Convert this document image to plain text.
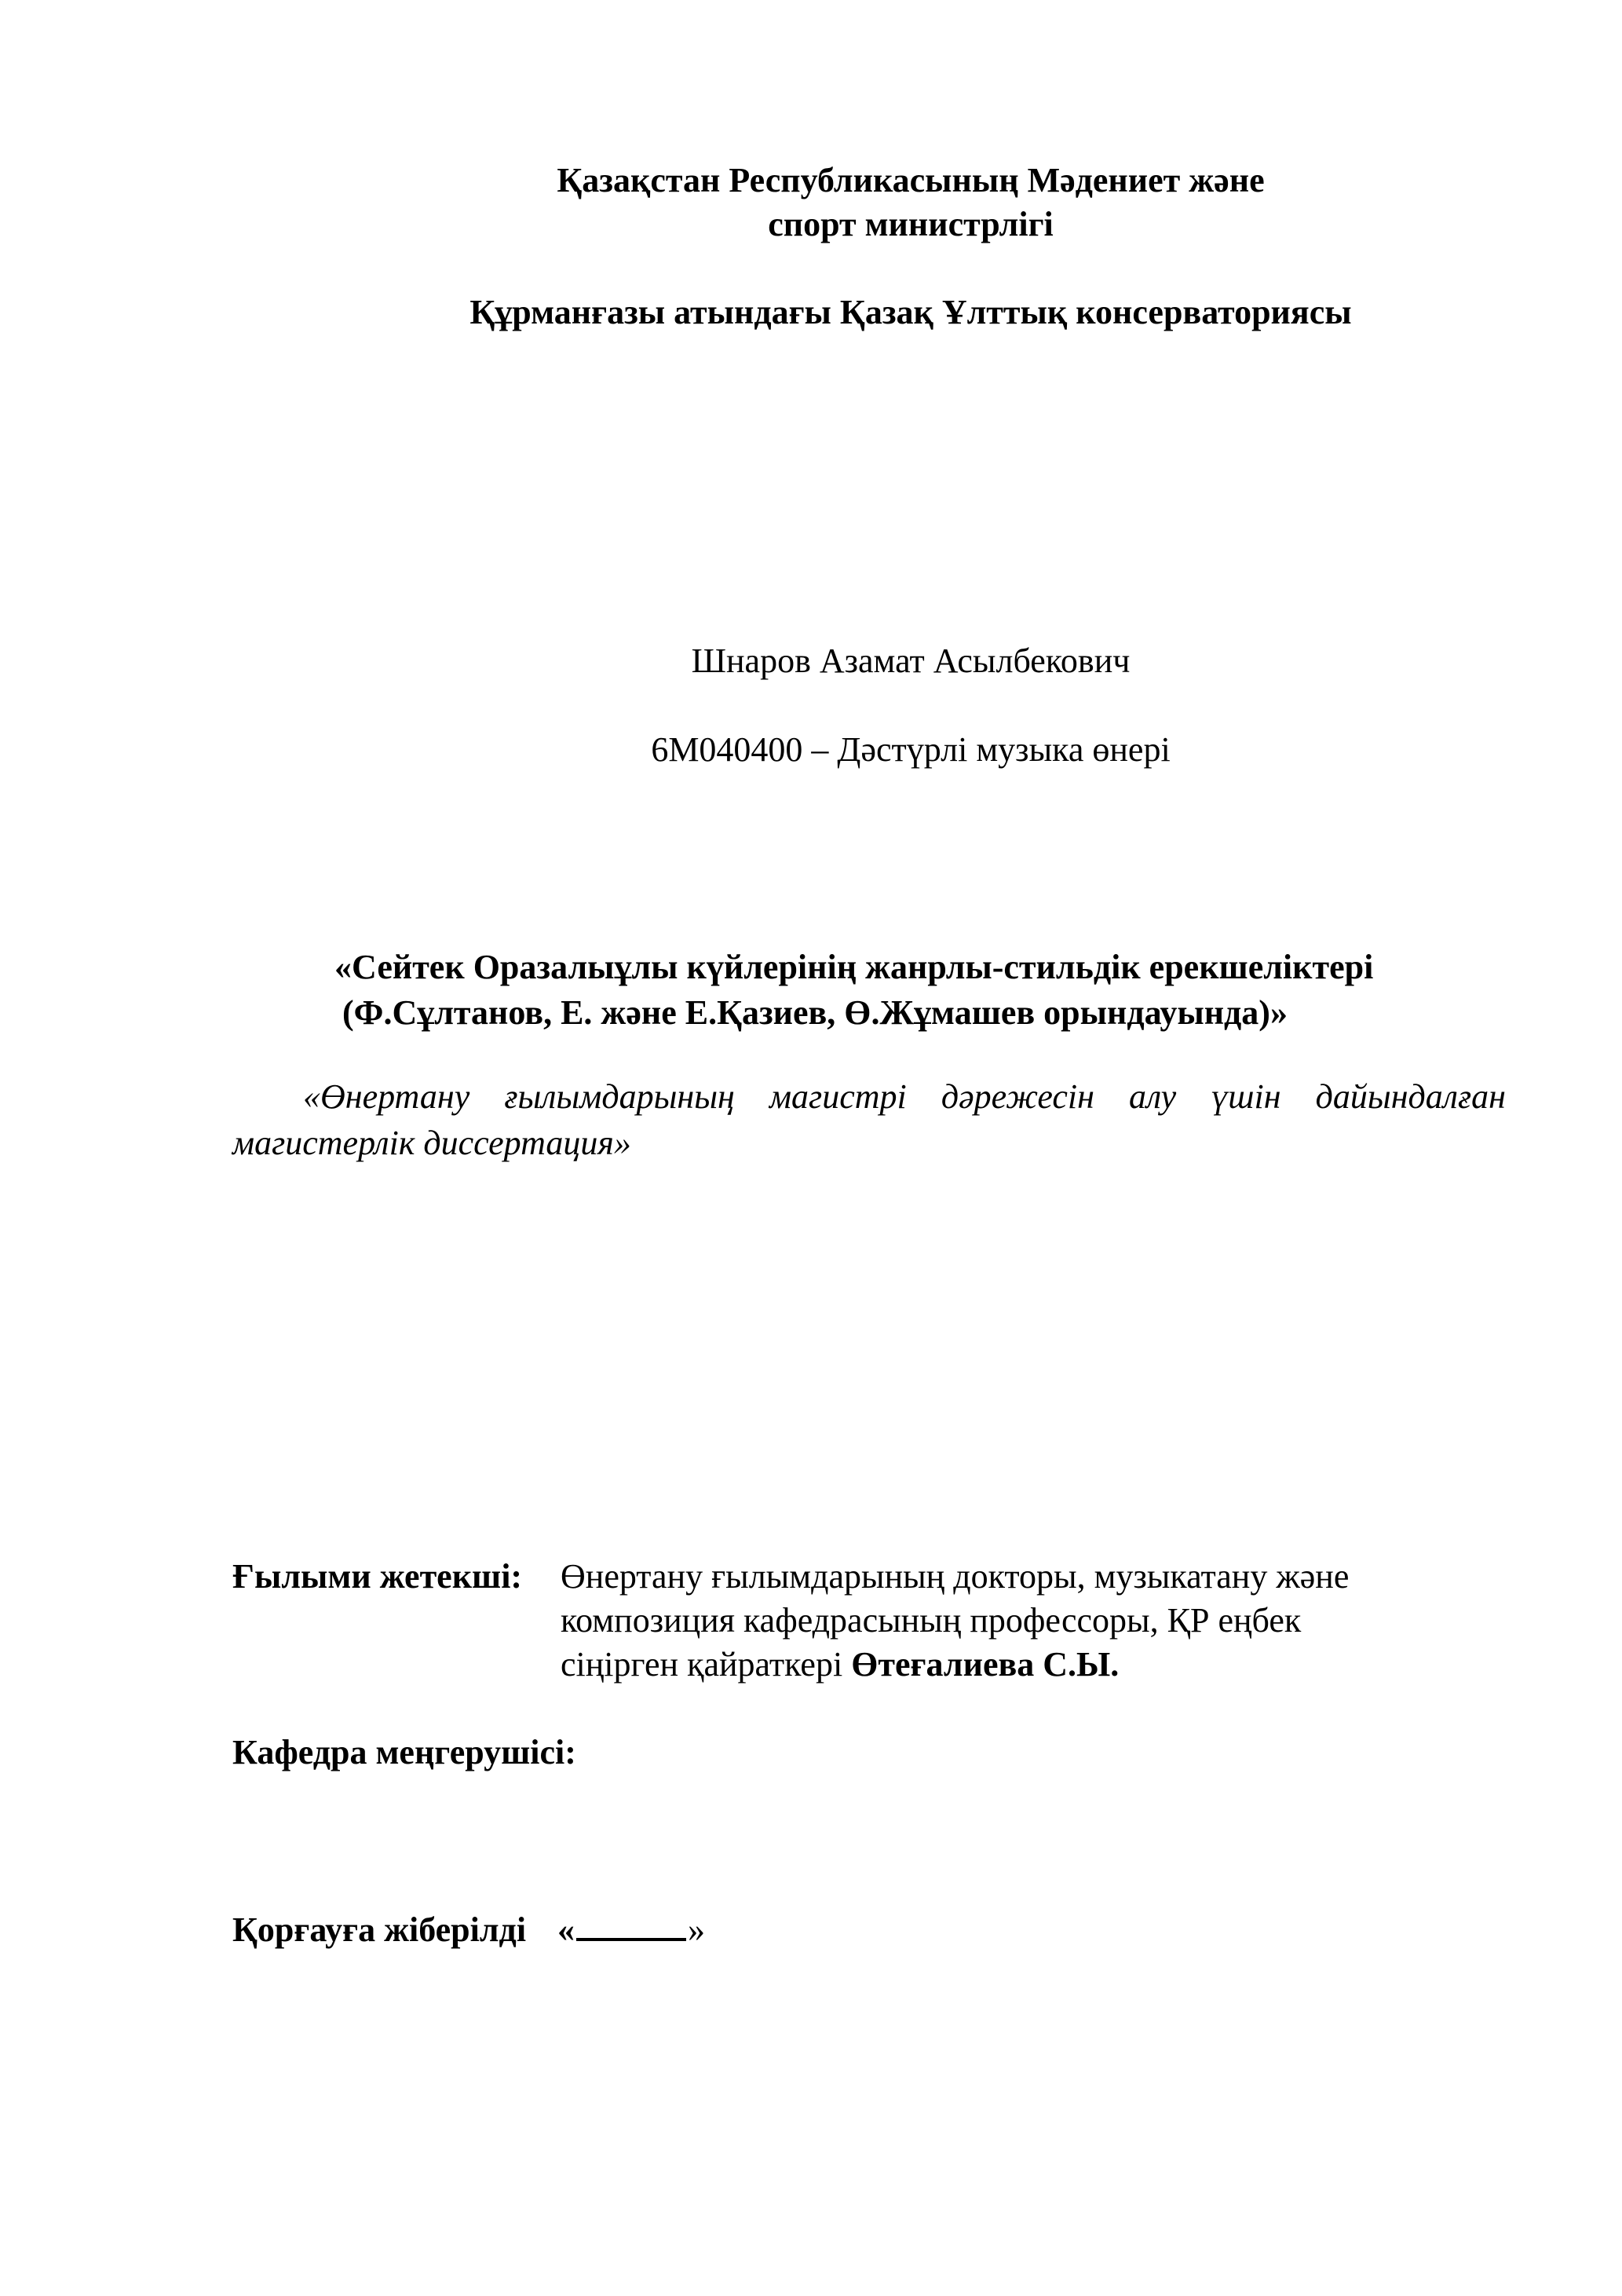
Қазақстан Республикасының Мәдениет және
спорт министрлігі
Құрманғазы атындағы Қазақ Ұлттық консерваториясы
Шнаров Азамат Асылбекович
6М040400 – Дәстүрлі музыка өнері
«Сейтек Оразалыұлы күйлерінің жанрлы-стильдік ерекшеліктері
(Ф.Сұлтанов, Е. және Е.Қазиев, Ө.Жұмашев орындауында)»
«Өнертану ғылымдарының магистрі дәрежесін алу үшін дайындалған магистерлік диссертация»
Ғылыми жетекші: Өнертану ғылымдарының докторы, музыкатану және
композиция кафедрасының профессоры, ҚР еңбек
сіңірген қайраткері Өтеғалиева С.Ы.
Кафедра меңгерушісі:
Қорғауға жіберілді «	»
